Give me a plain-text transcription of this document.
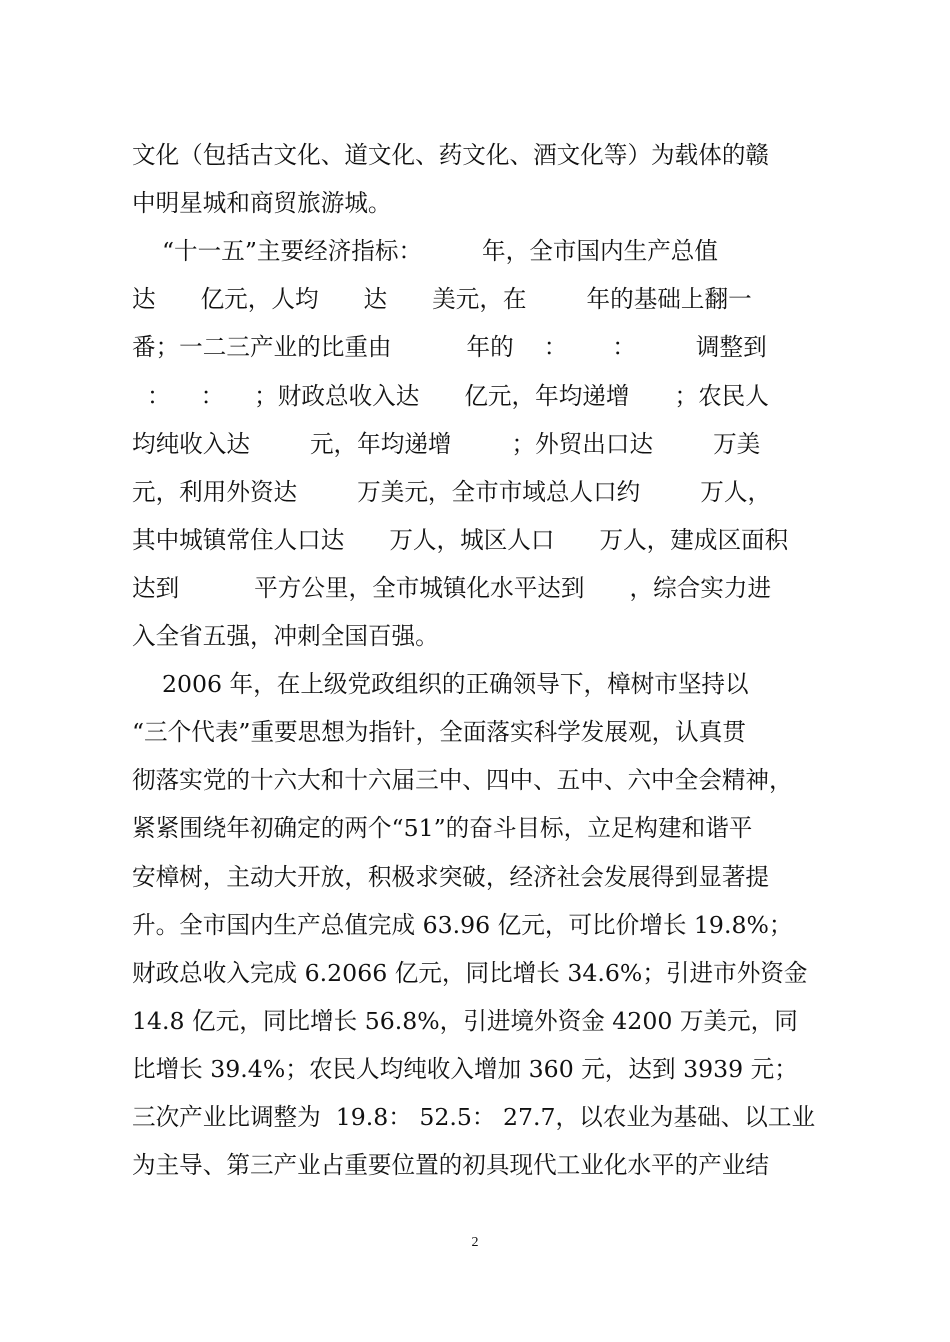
文化（包括古文化、道文化、药文化、酒文化等）为载体的赣

中明星城和商贸旅游城。

“十一五”主要经济指标：        年，全市国内生产总值

达      亿元，人均      达      美元，在        年的基础上翻一

番；一二三产业的比重由          年的    ：      ：        调整到

：    ：    ；财政总收入达      亿元，年均递增      ；农民人

均纯收入达        元，年均递增        ；外贸出口达        万美

元，利用外资达        万美元，全市市域总人口约        万人，

其中城镇常住人口达      万人，城区人口      万人，建成区面积

达到          平方公里，全市城镇化水平达到      ，综合实力进

入全省五强，冲刺全国百强。

2006 年，在上级党政组织的正确领导下，樟树市坚持以

“三个代表”重要思想为指针，全面落实科学发展观，认真贯

彻落实党的十六大和十六届三中、四中、五中、六中全会精神，

紧紧围绕年初确定的两个“51”的奋斗目标，立足构建和谐平

安樟树，主动大开放，积极求突破，经济社会发展得到显著提

升。全市国内生产总值完成 63.96 亿元，可比价增长 19.8%；

财政总收入完成 6.2066 亿元，同比增长 34.6%；引进市外资金

14.8 亿元，同比增长 56.8%，引进境外资金 4200 万美元，同

比增长 39.4%；农民人均纯收入增加 360 元，达到 3939 元；

三次产业比调整为  19.8： 52.5： 27.7，以农业为基础、以工业

为主导、第三产业占重要位置的初具现代工业化水平的产业结

2
